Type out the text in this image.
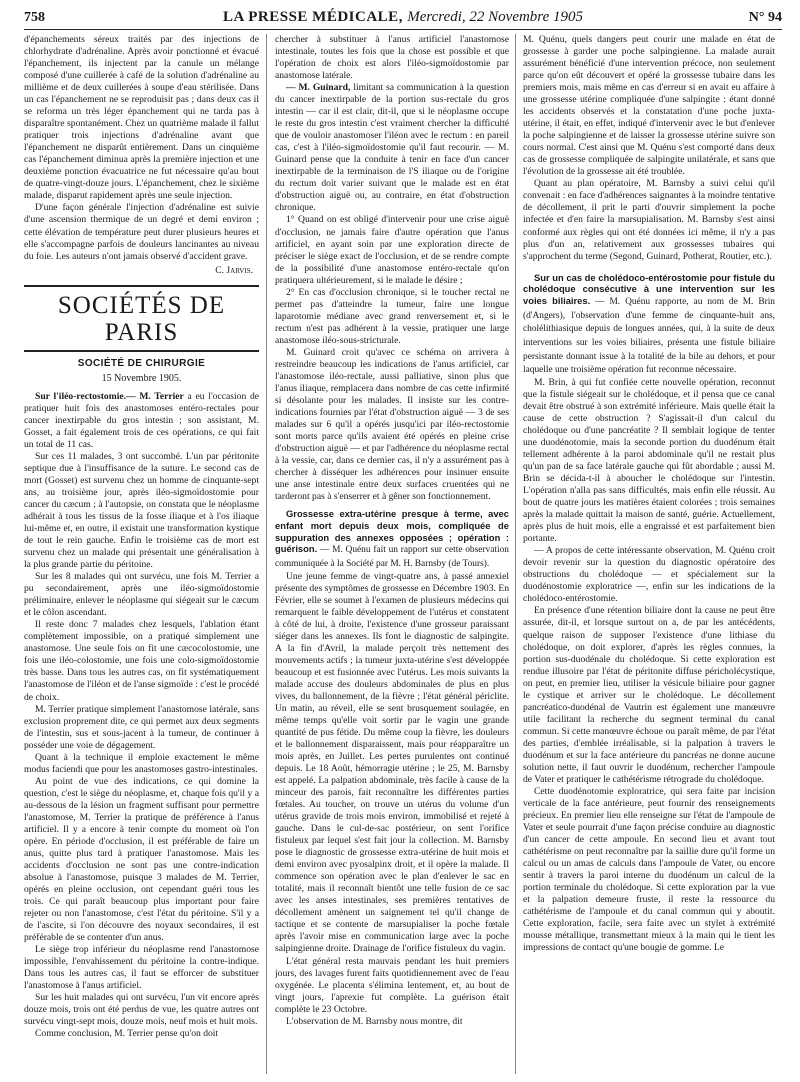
758	LA PRESSE MÉDICALE, Mercredi, 22 Novembre 1905	N° 94

d'épanchements séreux traités par des injections de chlorhydrate d'adrénaline. Après avoir ponctionné et évacué l'épanchement, ils injectent par la canule un mélange composé d'une cuillerée à café de la solution d'adrénaline au millième et de deux cuillerées à soupe d'eau stérilisée. Dans un cas l'épanchement ne se reproduisit pas ; dans deux cas il se reforma un très léger épanchement qui ne tarda pas à disparaître spontanément. Chez un quatrième malade il fallut pratiquer trois injections d'adrénaline avant que l'épanchement ne disparût entièrement. Dans un cinquième cas l'épanchement diminua après la première injection et une deuxième ponction évacuatrice ne fut nécessaire qu'au bout de quatre-vingt-douze jours. L'épanchement, chez le sixième malade, disparut rapidement après une seule injection.

D'une façon générale l'injection d'adrénaline est suivie d'une ascension thermique de un degré et demi environ ; cette élévation de température peut durer plusieurs heures et elle s'accompagne parfois de douleurs lancinantes au niveau du foie. Les auteurs n'ont jamais observé d'accident grave.

C. Jarvis.
SOCIÉTÉS DE PARIS
SOCIÉTÉ DE CHIRURGIE
15 Novembre 1905.

Sur l'iléo-rectostomie.— M. Terrier a eu l'occasion de pratiquer huit fois des anastomoses entéro-rectales pour cancer inextirpable du gros intestin ; son assistant, M. Gosset, a fait également trois de ces opérations, ce qui fait un total de 11 cas.

Sur ces 11 malades, 3 ont succombé. L'un par péritonite septique due à l'insuffisance de la suture. Le second cas de mort (Gosset) est survenu chez un homme de cinquante-sept ans, au troisième jour, après iléo-sigmoïdostomie pour cancer du cæcum ; à l'autopsie, on constata que le néoplasme adhérait à tous les tissus de la fosse iliaque et à l'os iliaque lui-même et, en outre, il existait une transformation kystique de tout le rein gauche. Enfin le troisième cas de mort est survenu chez un malade qui présentait une généralisation à la plus grande partie du péritoine.

Sur les 8 malades qui ont survécu, une fois M. Terrier a pu secondairement, après une iléo-sigmoïdostomie préliminaire, enlever le néoplasme qui siégeait sur le cæcum et le côlon ascendant.

Il reste donc 7 malades chez lesquels, l'ablation étant complètement impossible, on a pratiqué simplement une anastomose. Une seule fois on fit une cæcocolostomie, une fois une iléo-colostomie, une fois une colo-sigmoïdostomie très basse. Dans tous les autres cas, on fit systématiquement l'anastomose de l'iléon et de l'anse sigmoïde : c'est le procédé de choix.

M. Terrier pratique simplement l'anastomose latérale, sans exclusion proprement dite, ce qui permet aux deux segments de l'intestin, sus et sous-jacent à la tumeur, de continuer à posséder une voie de dégagement.

Quant à la technique il emploie exactement le même modus faciendi que pour les anastomoses gastro-intestinales.

Au point de vue des indications, ce qui domine la question, c'est le siège du néoplasme, et, chaque fois qu'il y a au-dessous de la lésion un fragment suffisant pour permettre l'anastomose, M. Terrier la pratique de préférence à l'anus artificiel. Il y a encore à tenir compte du moment où l'on opère. En période d'occlusion, il est préférable de faire un anus, quitte plus tard à pratiquer l'anastomose. Mais les accidents d'occlusion ne sont pas une contre-indication absolue à l'anastomose, puisque 3 malades de M. Terrier, opérés en pleine occlusion, ont cependant guéri tous les trois. Ce qui paraît beaucoup plus important pour faire rejeter ou non l'anastomose, c'est l'état du péritoine. S'il y a de l'ascite, si l'on découvre des noyaux secondaires, il est préférable de se contenter d'un anus.

Le siège trop inférieur du néoplasme rend l'anastomose impossible, l'envahissement du péritoine la contre-indique. Dans tous les autres cas, il faut se efforcer de substituer l'anastomose à l'anus artificiel.

Sur les huit malades qui ont survécu, l'un vit encore après douze mois, trois ont été perdus de vue, les quatre autres ont survécu vingt-sept mois, douze mois, neuf mois et huit mois.

Comme conclusion, M. Terrier pense qu'on doit

chercher à substituer à l'anus artificiel l'anastomose intestinale, toutes les fois que la chose est possible et que l'opération de choix est alors l'iléo-sigmoïdostomie par anastomose latérale.

— M. Guinard, limitant sa communication à la question du cancer inextirpable de la portion sus-rectale du gros intestin — car il est clair, dit-il, que si le néoplasme occupe le reste du gros intestin c'est vraiment chercher la difficulté que de vouloir anastomoser l'iléon avec le rectum : en pareil cas, c'est à l'iléo-sigmoïdostomie qu'il faut recourir. — M. Guinard pense que la conduite à tenir en face d'un cancer inextirpable de la terminaison de l'S iliaque ou de l'origine du rectum doit varier suivant que le malade est en état d'obstruction aiguë ou, au contraire, en état d'obstruction chronique.

1° Quand on est obligé d'intervenir pour une crise aiguë d'occlusion, ne jamais faire d'autre opération que l'anus artificiel, en ayant soin par une exploration directe de préciser le siège exact de l'occlusion, et de se rendre compte de la possibilité d'une anastomose entéro-rectale qu'on pratiquera ultérieurement, si le malade le désire ;

2° En cas d'occlusion chronique, si le toucher rectal ne permet pas d'atteindre la tumeur, faire une longue laparotomie médiane avec grand renversement et, si le rectum n'est pas adhérent à la vessie, pratiquer une large anastomose iléo-sous-stricturale.

M. Guinard croit qu'avec ce schéma on arrivera à restreindre beaucoup les indications de l'anus artificiel, car l'anastomose iléo-rectale, aussi palliative, sinon plus que l'anus iliaque, remplacera dans nombre de cas cette infirmité si désolante pour les malades. Il insiste sur les contre-indications fournies par l'état d'obstruction aiguë — 3 de ses malades sur 6 qu'il a opérés jusqu'ici par iléo-rectostomie sont morts parce qu'ils avaient été opérés en pleine crise d'obstruction aiguë — et par l'adhérence du néoplasme rectal à la vessie, car, dans ce dernier cas, il n'y a assurément pas à chercher à disséquer les adhérences pour insinuer ensuite une anse intestinale entre deux surfaces cruentées qui ne tarderont pas à s'enserrer et à gêner son fonctionnement.

Grossesse extra-utérine presque à terme, avec enfant mort depuis deux mois, compliquée de suppuration des annexes opposées ; opération : guérison. — M. Quénu fait un rapport sur cette observation communiquée à la Société par M. H. Barnsby (de Tours).

Une jeune femme de vingt-quatre ans, à passé annexiel présente des symptômes de grossesse en Décembre 1903. En Février, elle se soumet à l'examen de plusieurs médecins qui remarquent le faible développement de l'utérus et constatent à côté de lui, à droite, l'existence d'une grosseur paraissant siéger dans les annexes. Ils font le diagnostic de salpingite. A la fin d'Avril, la malade perçoit très nettement des mouvements actifs ; la tumeur juxta-utérine s'est développée beaucoup et est fusionnée avec l'utérus. Les mois suivants la malade accuse des douleurs abdominales de plus en plus vives, du ballonnement, de la fièvre ; l'état général périclite. Un matin, au réveil, elle se sent brusquement soulagée, en même temps qu'elle voit sortir par le vagin une grande quantité de pus fétide. Du même coup la fièvre, les douleurs et le ballonnement disparaissent, mais pour réapparaître un mois après, en Juillet. Les pertes purulentes ont continué depuis. Le 18 Août, hémorragie utérine ; le 25, M. Barnsby est appelé. La palpation abdominale, très facile à cause de la minceur des parois, fait reconnaître les différentes parties fœtales. Au toucher, on trouve un utérus du volume d'un utérus gravide de trois mois environ, immobilisé et rejeté à gauche. Dans le cul-de-sac postérieur, on sent l'orifice fistuleux par lequel s'est fait jour la collection. M. Barnsby pose le diagnostic de grossesse extra-utérine de huit mois et demi environ avec pyosalpinx droit, et il opère la malade. Il commence son opération avec le plan d'enlever le sac en totalité, mais il reconnaît bientôt une telle fusion de ce sac avec les anses intestinales, ses premières tentatives de décollement amènent un saignement tel qu'il change de tactique et se contente de marsupialiser la poche fœtale après l'avoir mise en communication large avec la poche salpingienne droite. Drainage de l'orifice fistuleux du vagin.

L'état général resta mauvais pendant les huit premiers jours, des lavages furent faits quotidiennement avec de l'eau oxygénée. Le placenta s'élimina lentement, et, au bout de vingt jours, l'aprexie fut complète. La guérison était complète le 23 Octobre.

L'observation de M. Barnsby nous montre, dit

M. Quénu, quels dangers peut courir une malade en état de grossesse à garder une poche salpingienne. La malade aurait assurément bénéficié d'une intervention précoce, non seulement parce qu'on eût découvert et opéré la grossesse tubaire dans les premiers mois, mais même en cas d'erreur si en avait eu affaire à une grossesse utérine compliquée d'une salpingite : étant donné les accidents observés et la constatation d'une poche juxta-utérine, il était, en effet, indiqué d'intervenir avec le but d'enlever la poche salpingienne et de laisser la grossesse utérine suivre son cours normal. C'est ainsi que M. Quénu s'est comporté dans deux cas de grossesse compliquée de salpingite unilatérale, et sans que l'évolution de la grossesse ait été troublée.

Quant au plan opératoire, M. Barnsby a suivi celui qu'il convenait : en face d'adhérences saignantes à la moindre tentative de décollement, il prit le parti d'ouvrir simplement la poche infectée et d'en faire la marsupialisation. M. Barnsby s'est ainsi conformé aux règles qui ont été données ici même, il n'y a pas plus d'un an, relativement aux grossesses tubaires qui s'approchent du terme (Segond, Guinard, Potherat, Routier, etc.).

Sur un cas de cholédoco-entérostomie pour fistule du cholédoque consécutive à une intervention sur les voies biliaires. — M. Quénu rapporte, au nom de M. Brin (d'Angers), l'observation d'une femme de cinquante-huit ans, cholélithiasique depuis de longues années, qui, à la suite de deux interventions sur les voies biliaires, présenta une fistule biliaire persistante donnant issue à la totalité de la bile au dehors, et pour laquelle une troisième opération fut reconnue nécessaire.

M. Brin, à qui fut confiée cette nouvelle opération, reconnut que la fistule siégeait sur le cholédoque, et il pensa que ce canal devait être obstrué à son extrémité inférieure. Mais quelle était la cause de cette obstruction ? S'agissait-il d'un calcul du cholédoque ou d'une pancréatite ? Il semblait logique de tenter une duodénotomie, mais la seconde portion du duodénum était tellement adhérente à la paroi abdominale qu'il ne restait plus qu'un pan de sa face latérale gauche qui fût abordable ; aussi M. Brin se décida-t-il à aboucher le cholédoque sur l'intestin. L'opération n'alla pas sans difficultés, mais enfin elle réussit. Au bout de quatre jours les matières étaient colorées ; trois semaines après la malade quittait la maison de santé, guérie. Actuellement, après plus de huit mois, elle a engraissé et est parfaitement bien portante.

— A propos de cette intéressante observation, M. Quénu croit devoir revenir sur la question du diagnostic opératoire des obstructions du cholédoque — et spécialement sur la duodénostomie exploratrice —, enfin sur les indications de la cholédoco-entérostomie.

En présence d'une rétention biliaire dont la cause ne peut être assurée, dit-il, et lorsque surtout on a, de par les antécédents, quelque raison de supposer l'existence d'une lithiase du cholédoque, on doit explorer, d'après les règles connues, la portion sus-duodénale du cholédoque. Si cette exploration est rendue illusoire par l'état de péritonite diffuse péricholécystique, on peut, en premier lieu, utiliser la vésicule biliaire pour gagner le cystique et arriver sur le cholédoque. Le décollement pancréatico-duodénal de Vautrin est également une manœuvre utile facilitant la recherche du segment terminal du canal commun. Si cette manœuvre échoue ou paraît même, de par l'état des parties, d'emblée irréalisable, si la palpation à travers le duodénum et sur la face antérieure du pancréas ne donne aucune solution nette, il faut ouvrir le duodénum, rechercher l'ampoule de Vater et pratiquer le cathétérisme rétrograde du cholédoque.

Cette duodénotomie exploratrice, qui sera faite par incision verticale de la face antérieure, peut fournir des renseignements précieux. En premier lieu elle renseigne sur l'état de l'ampoule de Vater et seule pourrait d'une façon précise conduire au diagnostic d'un cancer de cette ampoule. En second lieu et avant tout cathétérisme on peut reconnaître par la saillie dure qu'il forme un calcul ou un amas de calculs dans l'ampoule de Vater, ou encore sentir à travers la paroi interne du duodénum un calcul de la portion terminale du cholédoque. Si cette exploration par la vue et la palpation demeure fruste, il reste la ressource du cathétérisme de l'ampoule et du canal commun qui y aboutit. Cette exploration, facile, sera faite avec un stylet à extrémité mousse métallique, transmettant mieux à la main qui le tient les impressions de contact qu'une bougie de gomme. Le
